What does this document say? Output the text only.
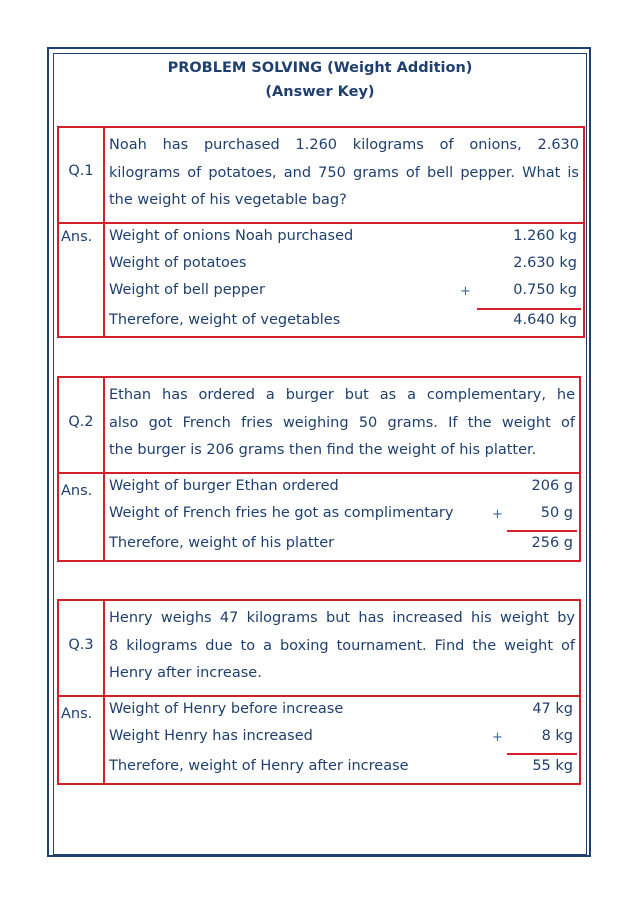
PROBLEM SOLVING (Weight Addition)
(Answer Key)
Q.1
Noah has purchased 1.260 kilograms of onions, 2.630
kilograms of potatoes, and 750 grams of bell pepper. What is
the weight of his vegetable bag?
Ans. Weight of onions Noah purchased	1.260 kg
Weight of potatoes	2.630 kg
Weight of bell pepper	+	0.750 kg
Therefore, weight of vegetables	4.640 kg
Q.2
Ethan has ordered a burger but as a complementary, he
also got French fries weighing 50 grams. If the weight of
the burger is 206 grams then find the weight of his platter.
Ans. Weight of burger Ethan ordered	206 g
Weight of French fries he got as complimentary	+	50 g
Therefore, weight of his platter	256 g
Q.3
Henry weighs 47 kilograms but has increased his weight by
8 kilograms due to a boxing tournament. Find the weight of
Henry after increase.
Ans. Weight of Henry before increase	47 kg
Weight Henry has increased	+	8 kg
Therefore, weight of Henry after increase	55 kg
